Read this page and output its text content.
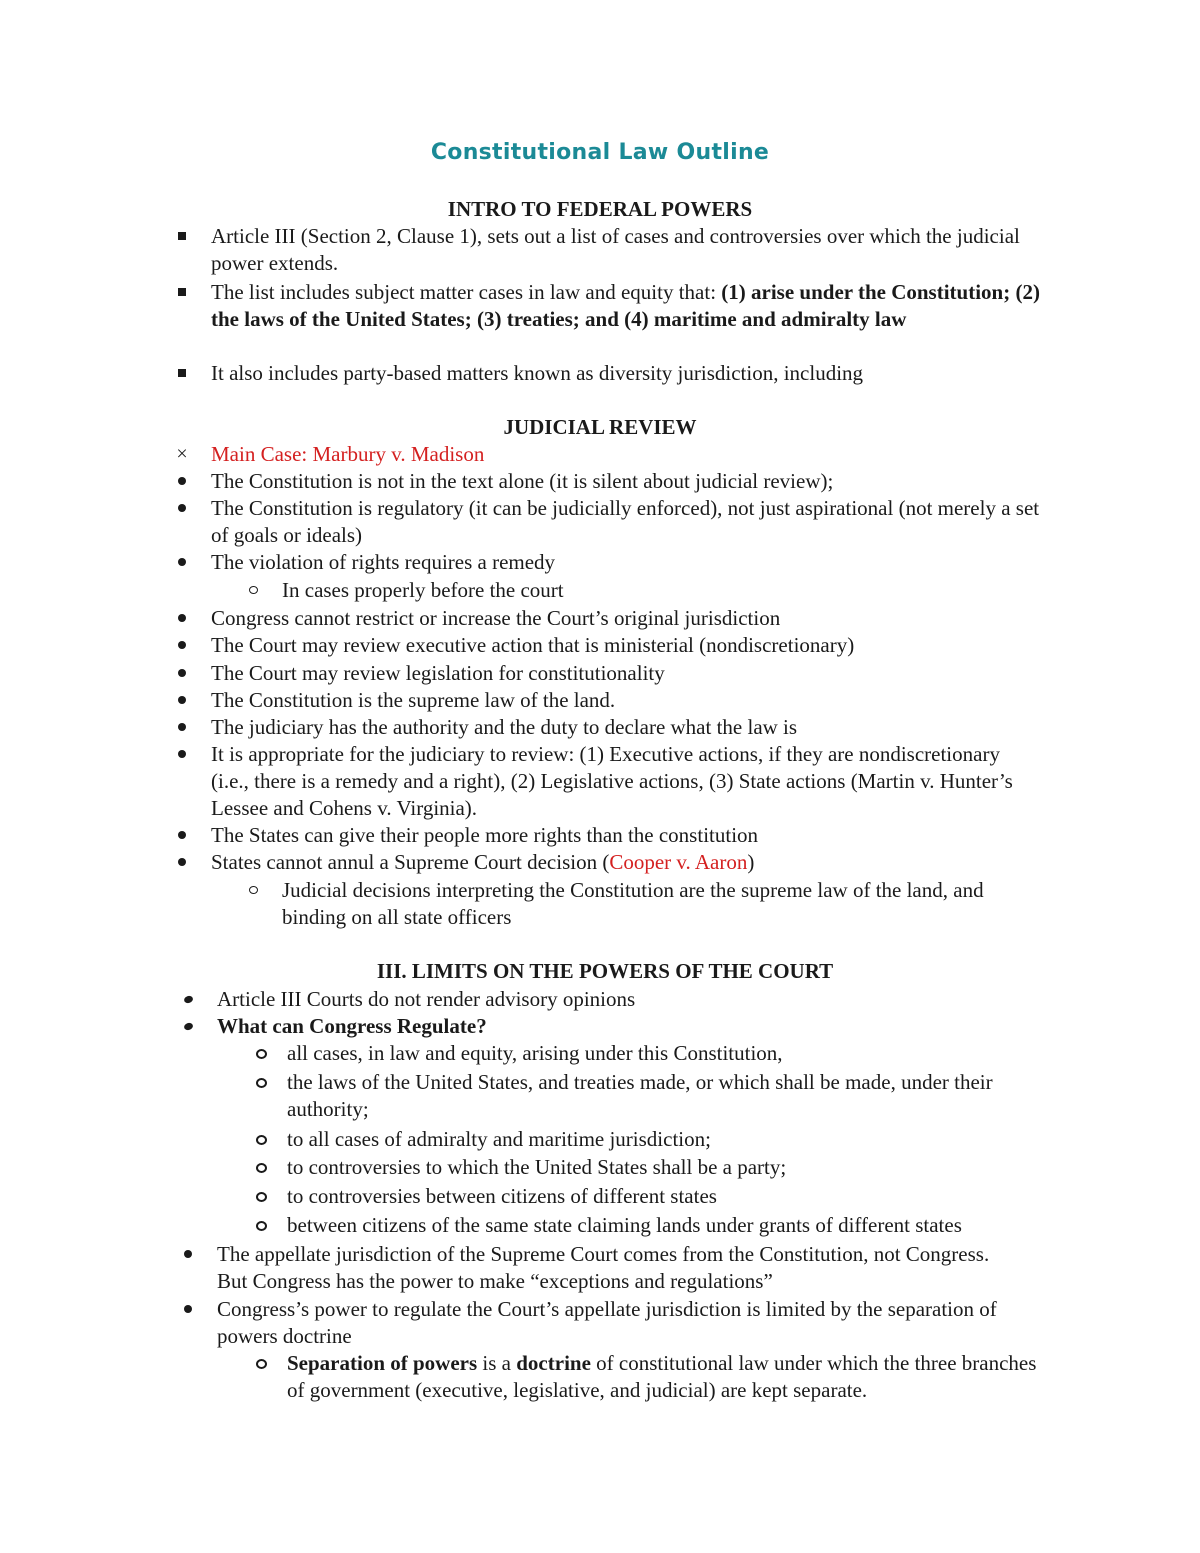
Constitutional Law Outline
INTRO TO FEDERAL POWERS

Article III (Section 2, Clause 1), sets out a list of cases and controversies over which the judicial power extends.

The list includes subject matter cases in law and equity that: (1) arise under the Constitution; (2) the laws of the United States; (3) treaties; and (4) maritime and admiralty law

It also includes party-based matters known as diversity jurisdiction, including

JUDICIAL REVIEW
× Main Case: Marbury v. Madison

The Constitution is not in the text alone (it is silent about judicial review);

The Constitution is regulatory (it can be judicially enforced), not just aspirational (not merely a set of goals or ideals)

The violation of rights requires a remedy

In cases properly before the court

Congress cannot restrict or increase the Court’s original jurisdiction

The Court may review executive action that is ministerial (nondiscretionary)

The Court may review legislation for constitutionality

The Constitution is the supreme law of the land.

The judiciary has the authority and the duty to declare what the law is

It is appropriate for the judiciary to review: (1) Executive actions, if they are nondiscretionary (i.e., there is a remedy and a right), (2) Legislative actions, (3) State actions (Martin v. Hunter’s Lessee and Cohens v. Virginia).

The States can give their people more rights than the constitution

States cannot annul a Supreme Court decision (Cooper v. Aaron)

Judicial decisions interpreting the Constitution are the supreme law of the land, and binding on all state officers

III. LIMITS ON THE POWERS OF THE COURT

Article III Courts do not render advisory opinions

What can Congress Regulate?

all cases, in law and equity, arising under this Constitution,

the laws of the United States, and treaties made, or which shall be made, under their authority;

to all cases of admiralty and maritime jurisdiction;

to controversies to which the United States shall be a party;

to controversies between citizens of different states

between citizens of the same state claiming lands under grants of different states

The appellate jurisdiction of the Supreme Court comes from the Constitution, not Congress. But Congress has the power to make “exceptions and regulations”

Congress’s power to regulate the Court’s appellate jurisdiction is limited by the separation of powers doctrine

Separation of powers is a doctrine of constitutional law under which the three branches of government (executive, legislative, and judicial) are kept separate.
